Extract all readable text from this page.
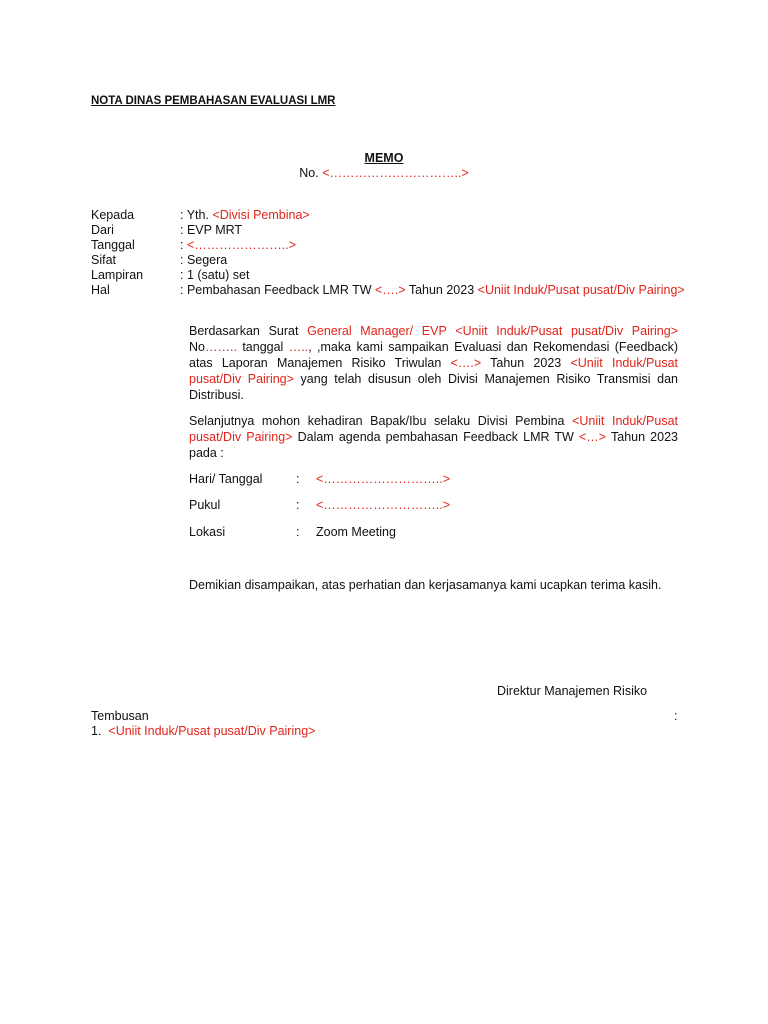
NOTA DINAS PEMBAHASAN EVALUASI LMR
MEMO
No. <…………………………..>
Kepada	: Yth. <Divisi Pembina>
Dari	: EVP MRT
Tanggal	: <…………………..>
Sifat	: Segera
Lampiran	: 1 (satu) set
Hal	: Pembahasan Feedback LMR TW <….> Tahun 2023 <Uniit Induk/Pusat pusat/Div Pairing>

Berdasarkan Surat General Manager/ EVP <Uniit Induk/Pusat pusat/Div Pairing> No…….. tanggal ….., ,maka kami sampaikan Evaluasi dan Rekomendasi (Feedback) atas Laporan Manajemen Risiko Triwulan <….> Tahun 2023 <Uniit Induk/Pusat pusat/Div Pairing> yang telah disusun oleh Divisi Manajemen Risiko Transmisi dan Distribusi.

Selanjutnya mohon kehadiran Bapak/Ibu selaku Divisi Pembina <Uniit Induk/Pusat pusat/Div Pairing> Dalam agenda pembahasan Feedback LMR TW <…> Tahun 2023 pada :

Hari/ Tanggal	:	<………………………..>
Pukul	:	<………………………..>
Lokasi	:	Zoom Meeting
Demikian disampaikan, atas perhatian dan kerjasamanya kami ucapkan terima kasih.
Direktur Manajemen Risiko
Tembusan	:
1. <Uniit Induk/Pusat pusat/Div Pairing>
